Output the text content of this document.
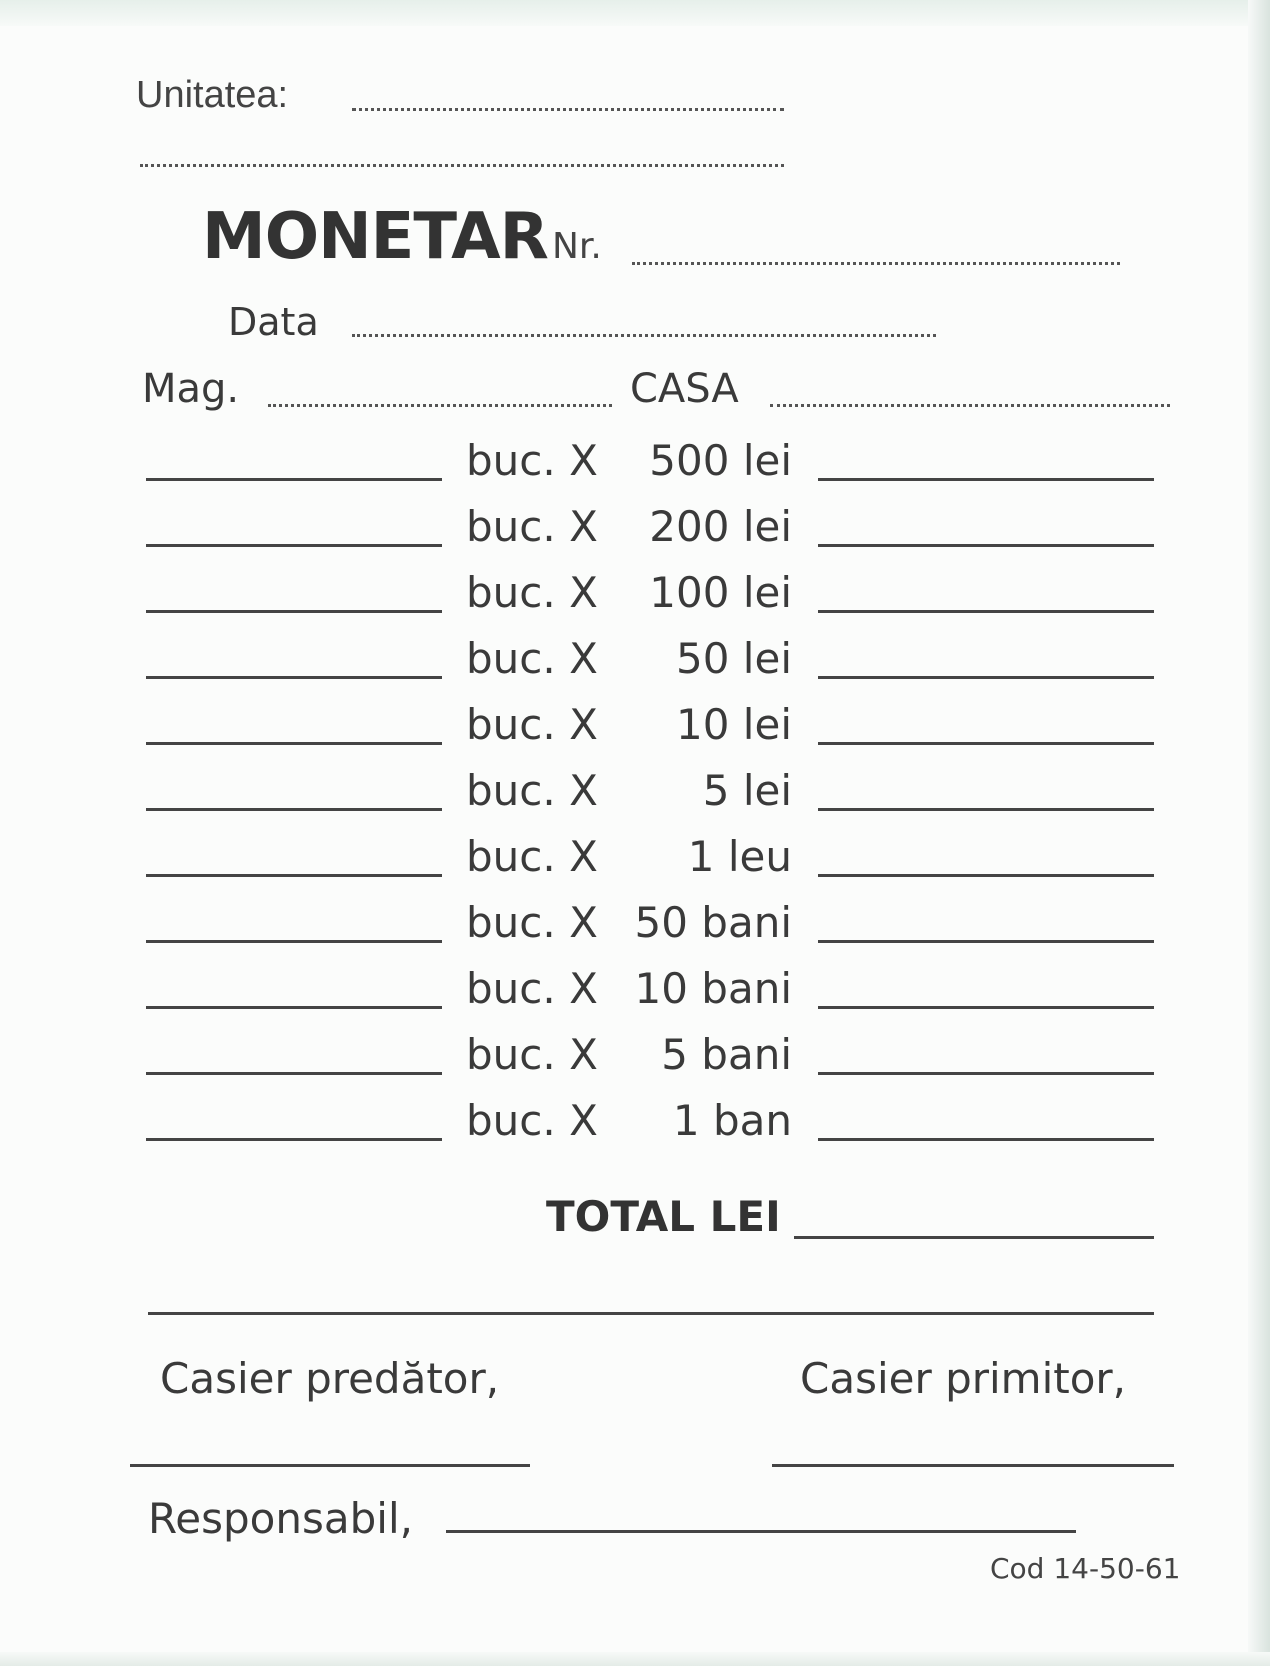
Unitatea:
MONETAR Nr.
Data
Mag.	CASA
buc. X 500 lei
buc. X 200 lei
buc. X 100 lei
buc. X 50 lei
buc. X 10 lei
buc. X 5 lei
buc. X 1 leu
buc. X 50 bani
buc. X 10 bani
buc. X 5 bani
buc. X 1 ban
TOTAL LEI
Casier predător,	Casier primitor,
Responsabil,
Cod 14-50-61
